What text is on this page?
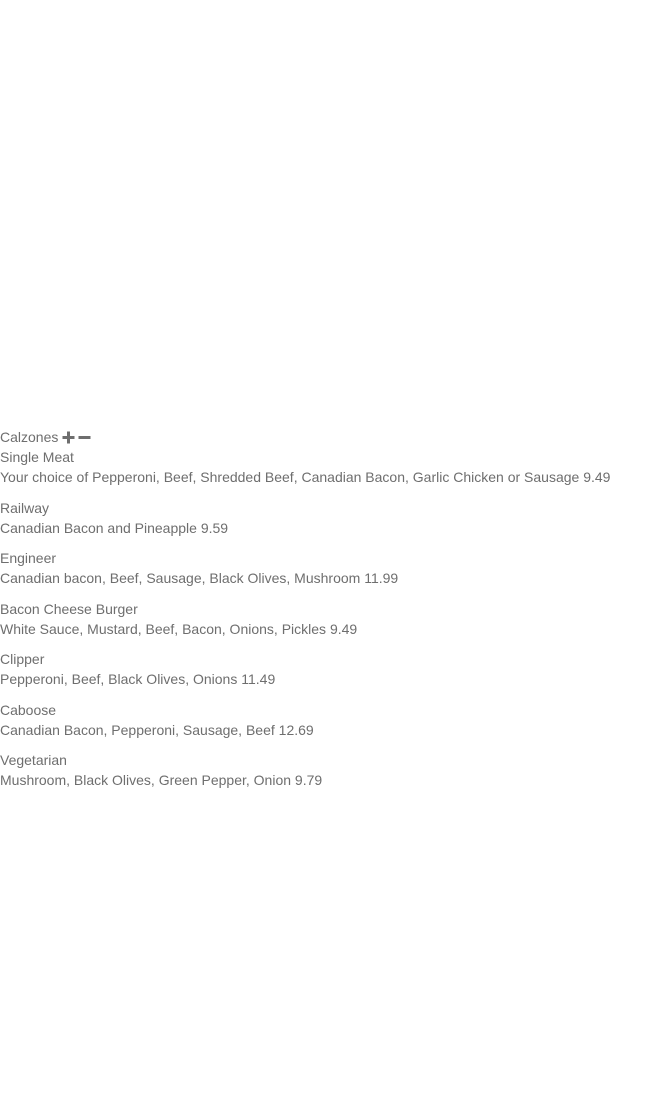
Calzones
Single Meat
Your choice of Pepperoni, Beef, Shredded Beef, Canadian Bacon, Garlic Chicken or Sausage 9.49
Railway
Canadian Bacon and Pineapple 9.59
Engineer
Canadian bacon, Beef, Sausage, Black Olives, Mushroom 11.99
Bacon Cheese Burger
White Sauce, Mustard, Beef, Bacon, Onions, Pickles 9.49
Clipper
Pepperoni, Beef, Black Olives, Onions 11.49
Caboose
Canadian Bacon, Pepperoni, Sausage, Beef 12.69
Vegetarian
Mushroom, Black Olives, Green Pepper, Onion 9.79
